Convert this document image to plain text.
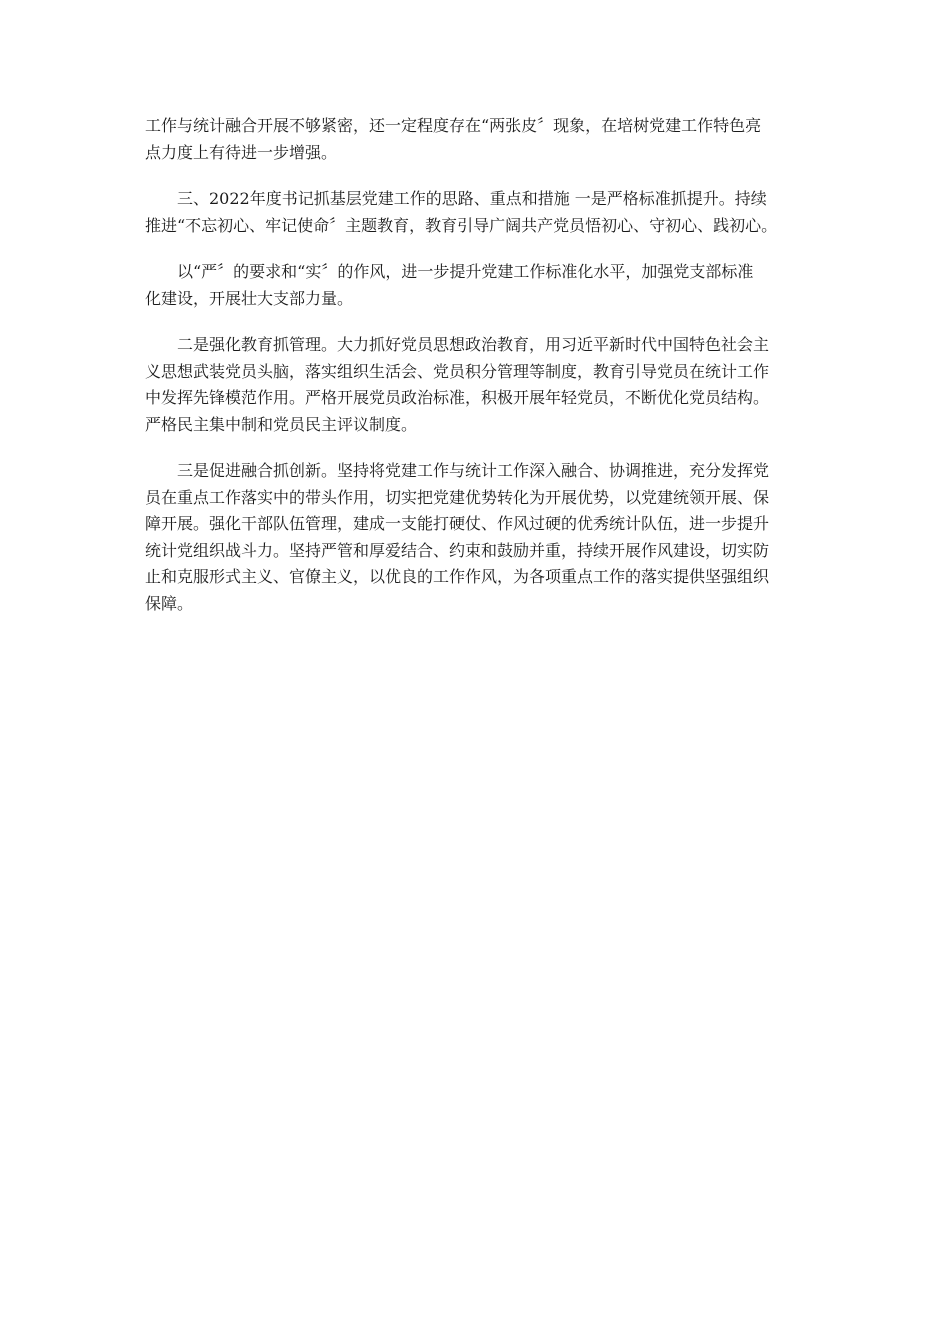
工作与统计融合开展不够紧密，还一定程度存在“两张皮〞现象，在培树党建工作特色亮
点力度上有待进一步增强。

三、2022年度书记抓基层党建工作的思路、重点和措施 一是严格标准抓提升。持续
推进“不忘初心、牢记使命〞主题教育，教育引导广阔共产党员悟初心、守初心、践初心。

以“严〞的要求和“实〞的作风，进一步提升党建工作标准化水平，加强党支部标准
化建设，开展壮大支部力量。

二是强化教育抓管理。大力抓好党员思想政治教育，用习近平新时代中国特色社会主
义思想武装党员头脑，落实组织生活会、党员积分管理等制度，教育引导党员在统计工作
中发挥先锋模范作用。严格开展党员政治标准，积极开展年轻党员，不断优化党员结构。
严格民主集中制和党员民主评议制度。

三是促进融合抓创新。坚持将党建工作与统计工作深入融合、协调推进，充分发挥党
员在重点工作落实中的带头作用，切实把党建优势转化为开展优势，以党建统领开展、保
障开展。强化干部队伍管理，建成一支能打硬仗、作风过硬的优秀统计队伍，进一步提升
统计党组织战斗力。坚持严管和厚爱结合、约束和鼓励并重，持续开展作风建设，切实防
止和克服形式主义、官僚主义，以优良的工作作风，为各项重点工作的落实提供坚强组织
保障。
